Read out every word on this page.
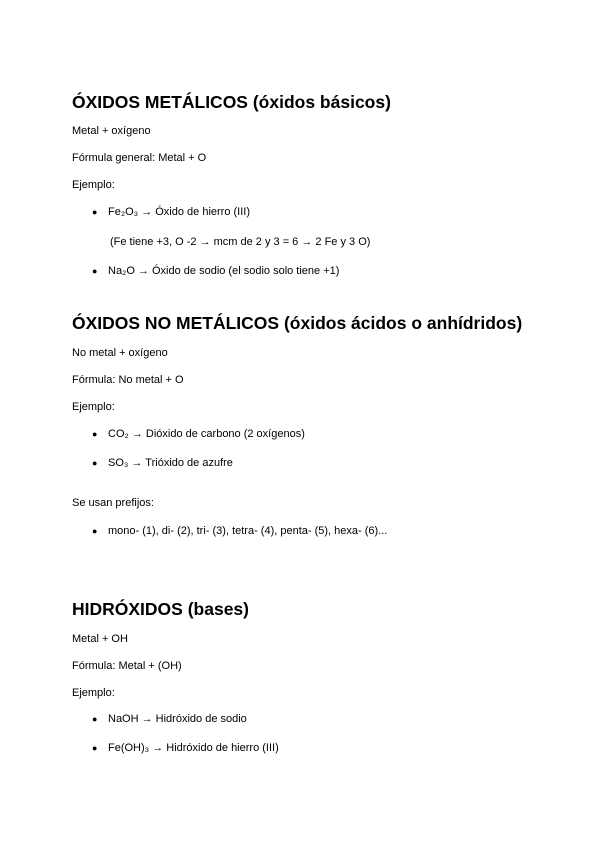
ÓXIDOS METÁLICOS (óxidos básicos)

Metal + oxígeno

Fórmula general: Metal + O

Ejemplo:

● Fe₂O₃ → Óxido de hierro (III)

(Fe tiene +3, O -2 → mcm de 2 y 3 = 6 → 2 Fe y 3 O)

● Na₂O → Óxido de sodio (el sodio solo tiene +1)
ÓXIDOS NO METÁLICOS (óxidos ácidos o anhídridos)

No metal + oxígeno

Fórmula: No metal + O

Ejemplo:

● CO₂ → Dióxido de carbono (2 oxígenos)
● SO₃ → Trióxido de azufre

Se usan prefijos:

● mono- (1), di- (2), tri- (3), tetra- (4), penta- (5), hexa- (6)...
HIDRÓXIDOS (bases)

Metal + OH

Fórmula: Metal + (OH)

Ejemplo:

● NaOH → Hidróxido de sodio
● Fe(OH)₃ → Hidróxido de hierro (III)
